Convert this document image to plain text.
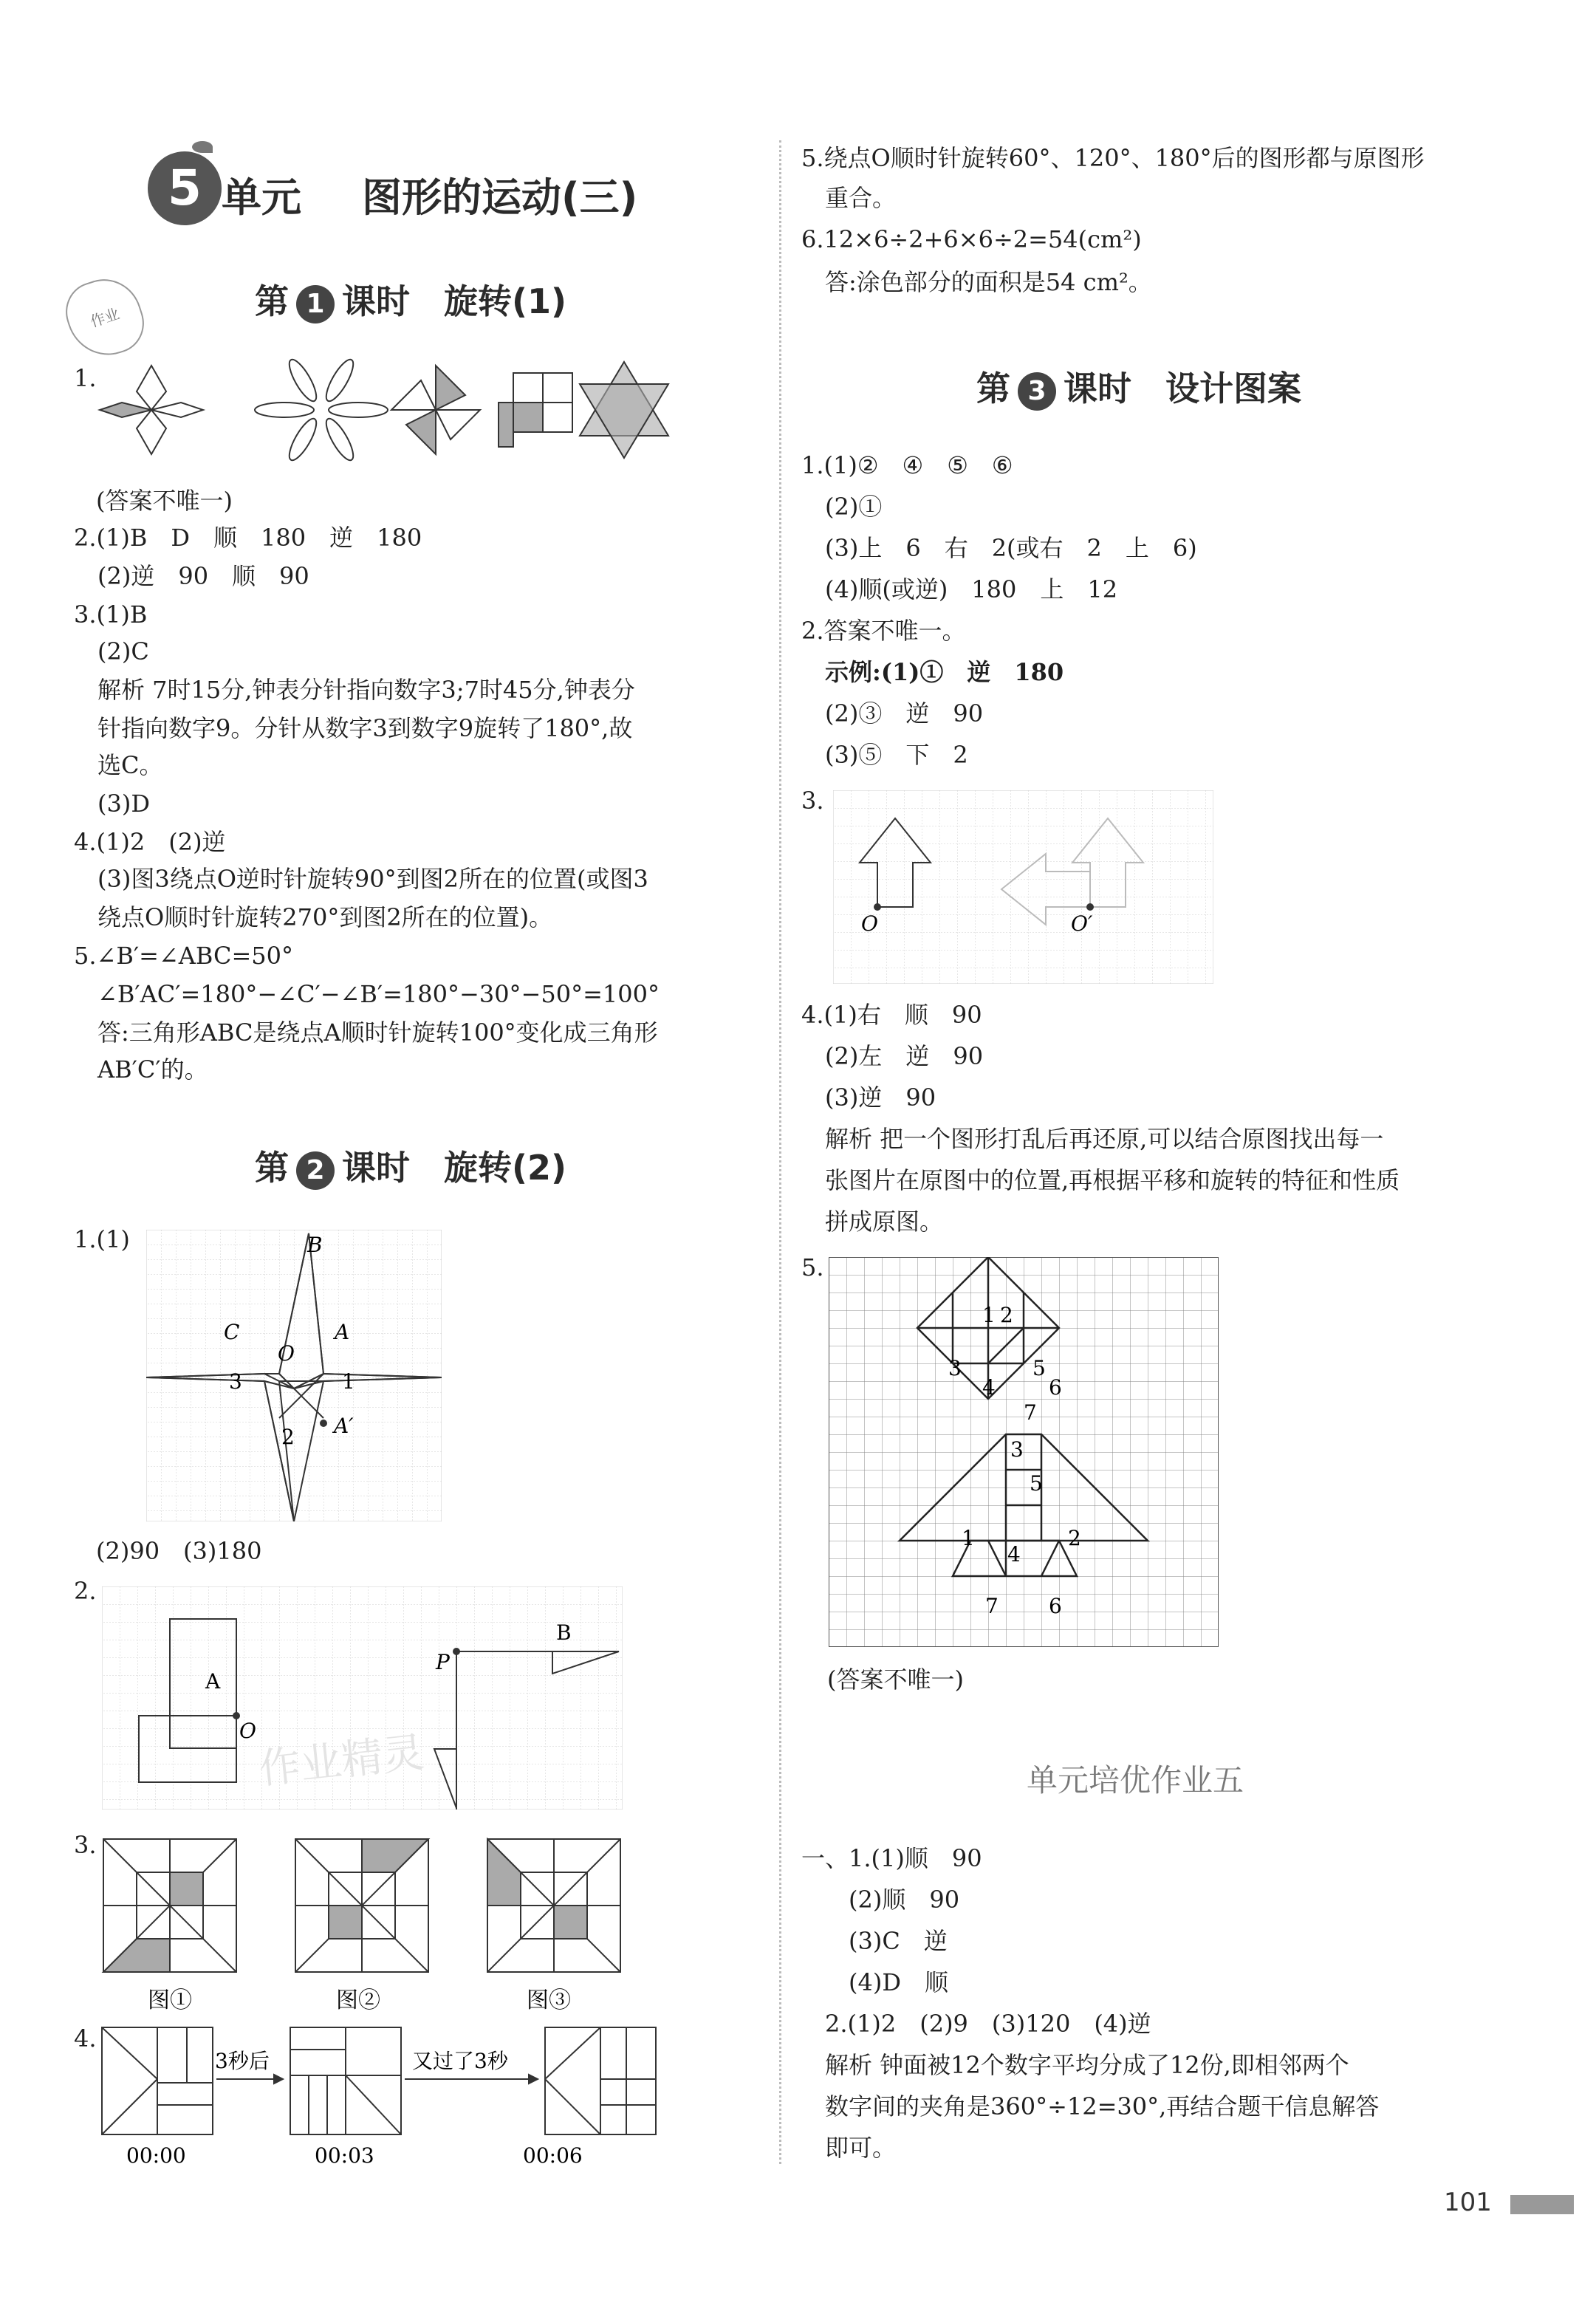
5 单元 图形的运动(三)
第 1 课时　 旋转(1)
作业
1.
(答案不唯一)
2.(1)B　D　顺　180　逆　180
　(2)逆　90　顺　90
3.(1)B
　(2)C
　解析 7时15分,钟表分针指向数字3;7时45分,钟表分
　针指向数字9。分针从数字3到数字9旋转了180°,故
　选C。
　(3)D
4.(1)2　(2)逆
　(3)图3绕点O逆时针旋转90°到图2所在的位置(或图3
　绕点O顺时针旋转270°到图2所在的位置)。
5.∠B′=∠ABC=50°
　∠B′AC′=180°−∠C′−∠B′=180°−30°−50°=100°
　答:三角形ABC是绕点A顺时针旋转100°变化成三角形
　AB′C′的。
第 2 课时　 旋转(2)
1.(1)	B
C
O
A
3	1
2 A′
(2)90　(3)180
2.
A
O
P
B
3.
图①	图②	图③
4.
3秒后	又过了3秒
00:00	00:03	00:06
作业精灵
5.绕点O顺时针旋转60°、120°、180°后的图形都与原图形
　重合。
6.12×6÷2+6×6÷2=54(cm²)
　答:涂色部分的面积是54 cm²。
第 3 课时　 设计图案
1.(1)②　④　⑤　⑥
　(2)①
　(3)上　6　右　2(或右　2　上　6)
　(4)顺(或逆)　180　上　12
2.答案不唯一。
　示例:(1)①　逆　180
　(2)③　逆　90
　(3)⑤　下　2
3.
O	O′
4.(1)右　顺　90
　(2)左　逆　90
　(3)逆　90
　解析 把一个图形打乱后再还原,可以结合原图找出每一
　张图片在原图中的位置,再根据平移和旋转的特征和性质
　拼成原图。
5.
1 2
3
4
5
6
7
3
5
1
4
2
7 6
(答案不唯一)
单元培优作业五
一、1.(1)顺　90
　　(2)顺　90
　　(3)C　逆
　　(4)D　顺
　2.(1)2　(2)9　(3)120　(4)逆
　解析 钟面被12个数字平均分成了12份,即相邻两个
　数字间的夹角是360°÷12=30°,再结合题干信息解答
　即可。
101
